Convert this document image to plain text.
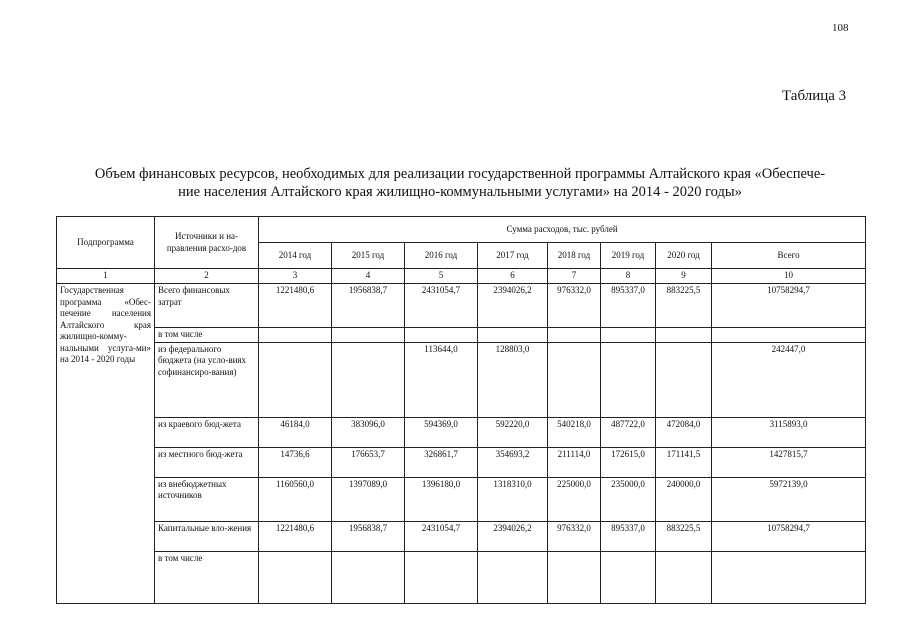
108
Таблица 3
Объем финансовых ресурсов, необходимых для реализации государственной программы Алтайского края «Обеспече-
ние населения Алтайского края жилищно-коммунальными услугами» на 2014 - 2020 годы»
Подпрограмма	Источники и на-правления расхо-дов	Сумма расходов, тыс. рублей							
		2014 год	2015 год	2016 год	2017 год	2018 год	2019 год	2020 год	Всего
1	2	3	4	5	6	7	8	9	10
Государственная программа «Обес-печение населения Алтайского края жилищно-комму-нальными услуга-ми» на 2014 - 2020 годы	Всего финансовых затрат	1221480,6	1956838,7	2431054,7	2394026,2	976332,0	895337,0	883225,5	10758294,7
	в том числе								
	из федерального бюджета (на усло-виях софинансиро-вания)			113644,0	128803,0				242447,0
	из краевого бюд-жета	46184,0	383096,0	594369,0	592220,0	540218,0	487722,0	472084,0	3115893,0
	из местного бюд-жета	14736,6	176653,7	326861,7	354693,2	211114,0	172615,0	171141,5	1427815,7
	из внебюджетных источников	1160560,0	1397089,0	1396180,0	1318310,0	225000,0	235000,0	240000,0	5972139,0
	Капитальные вло-жения	1221480,6	1956838,7	2431054,7	2394026,2	976332,0	895337,0	883225,5	10758294,7
	в том числе								
